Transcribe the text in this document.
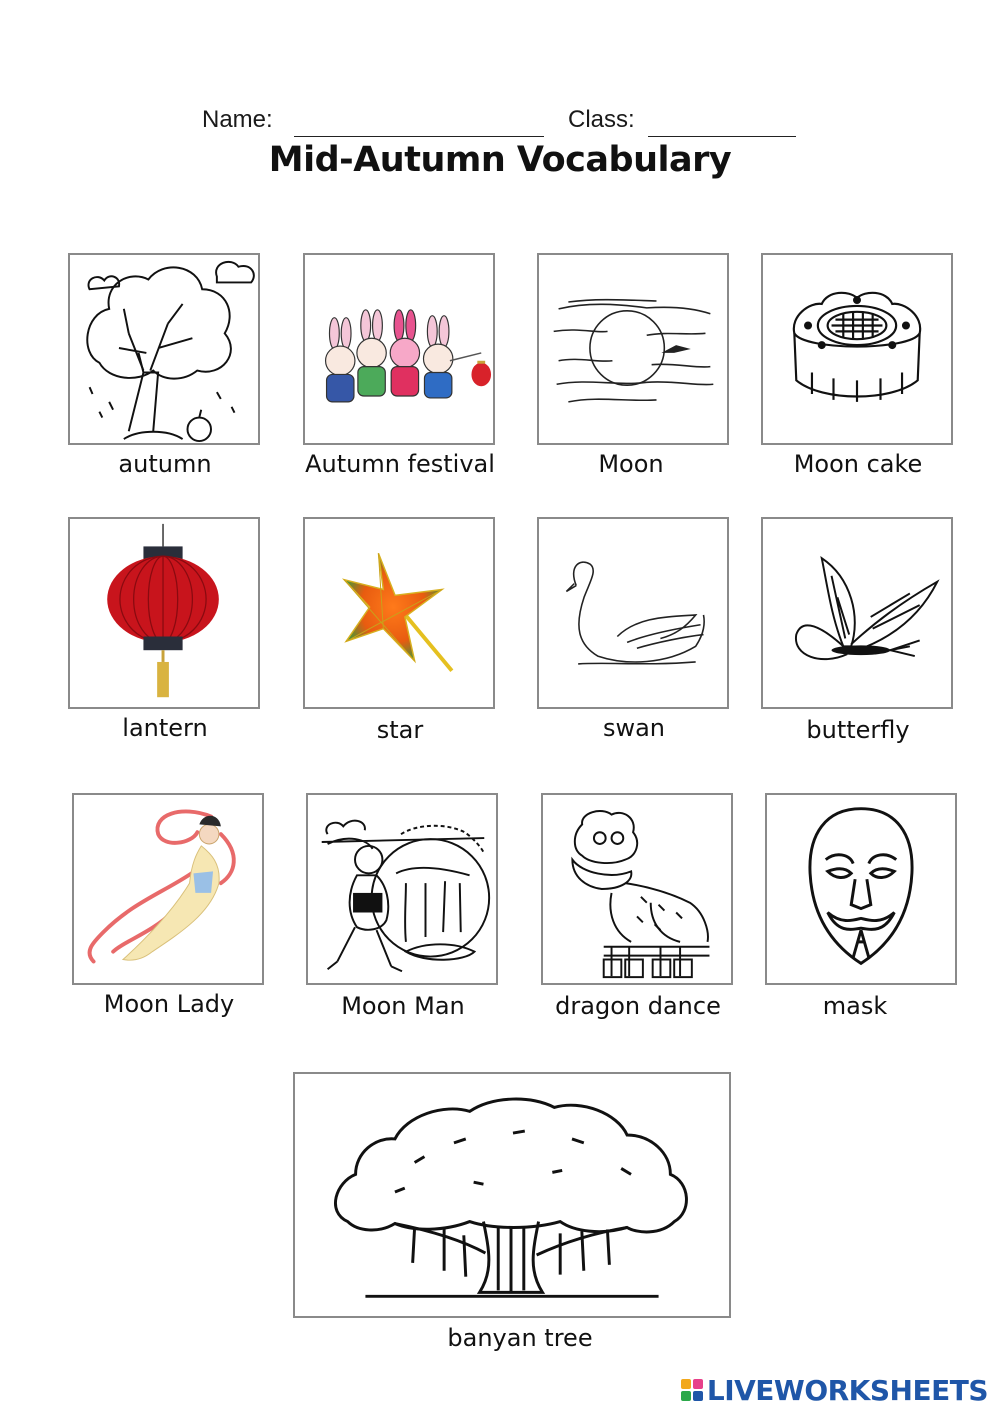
Name:	Class:
Mid-Autumn Vocabulary
autumn	Autumn festival	Moon	Moon cake
lantern	star	swan	butterfly
Moon Lady	Moon Man	dragon dance	mask
banyan tree
LIVEWORKSHEETS
